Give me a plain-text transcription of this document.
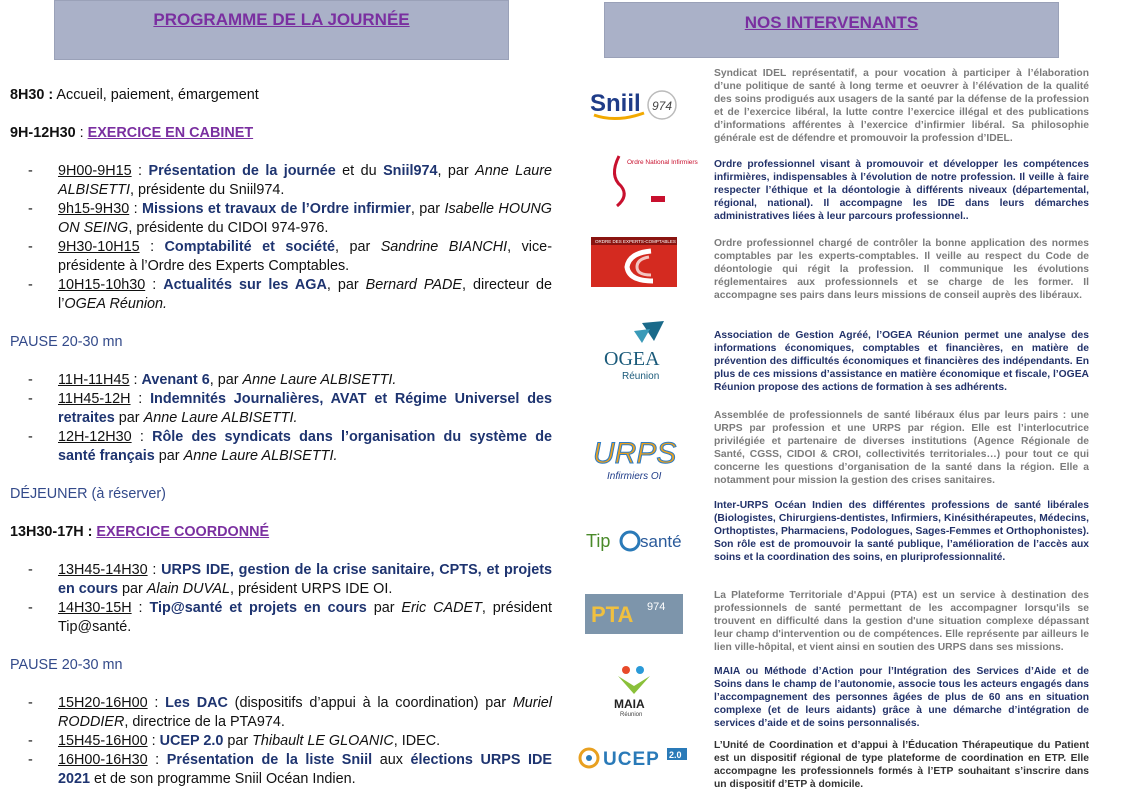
PROGRAMME DE LA JOURNÉE	NOS INTERVENANTS

8H30 : Accueil, paiement, émargement

9H-12H30 : EXERCICE EN CABINET

- 9H00-9H15 : Présentation de la journée et du Sniil974, par Anne Laure ALBISETTI, présidente du Sniil974.
- 9h15-9H30 : Missions et travaux de l’Ordre infirmier, par Isabelle HOUNG ON SEING, présidente du CIDOI 974-976.
- 9H30-10H15 : Comptabilité et société, par Sandrine BIANCHI, vice-présidente à l’Ordre des Experts Comptables.
- 10H15-10h30 : Actualités sur les AGA, par Bernard PADE, directeur de l’OGEA Réunion.

PAUSE 20-30 mn

- 11H-11H45 : Avenant 6, par Anne Laure ALBISETTI.
- 11H45-12H : Indemnités Journalières, AVAT et Régime Universel des retraites par Anne Laure ALBISETTI.
- 12H-12H30 : Rôle des syndicats dans l’organisation du système de santé français par Anne Laure ALBISETTI.

DÉJEUNER (à réserver)

13H30-17H : EXERCICE COORDONNÉ

- 13H45-14H30 : URPS IDE, gestion de la crise sanitaire, CPTS, et projets en cours par Alain DUVAL, président URPS IDE OI.
- 14H30-15H : Tip@santé et projets en cours par Eric CADET, président Tip@santé.

PAUSE 20-30 mn

- 15H20-16H00 : Les DAC (dispositifs d’appui à la coordination) par Muriel RODDIER, directrice de la PTA974.
- 15H45-16H00 : UCEP 2.0 par Thibault LE GLOANIC, IDEC.
- 16H00-16H30 : Présentation de la liste Sniil aux élections URPS IDE 2021 et de son programme Sniil Océan Indien.
Sniil 974

Syndicat IDEL représentatif, a pour vocation à participer à l’élaboration d’une politique de santé à long terme et oeuvrer à l’élévation de la qualité des soins prodigués aux usagers de la santé par la défense de la profession et de l’exercice libéral, la lutte contre l’exercice illégal et des publications d’informations afférentes à l’exercice d’infirmier libéral. Sa philosophie générale est de défendre et promouvoir la profession d’IDEL.

Ordre National Infirmiers Ordre professionnel visant à promouvoir et développer les compétences infirmières, indispensables à l’évolution de notre profession. Il veille à faire respecter l’éthique et la déontologie à différents niveaux (départemental, régional, national). Il accompagne les IDE dans leurs démarches administratives liées à leur parcours professionnel..

ORDRE DES EXPERTS-COMPTABLES	Ordre professionnel chargé de contrôler la bonne application des normes comptables par les experts-comptables. Il veille au respect du Code de déontologie qui régit la profession. Il communique les évolutions réglementaires aux professionnels et se charge de les former. Il accompagne ses pairs dans leurs missions de conseil auprès des libéraux.

OGEA
Réunion

Association de Gestion Agréé, l’OGEA Réunion permet une analyse des informations économiques, comptables et financières, en matière de prévention des difficultés économiques et financières des indépendants. En plus de ces missions d’assistance en matière économique et fiscale, l’OGEA Réunion propose des actions de formation à ses adhérents.

URPS
Infirmiers OI

Assemblée de professionnels de santé libéraux élus par leurs pairs : une URPS par profession et une URPS par région. Elle est l’interlocutrice privilégiée et partenaire de diverses institutions (Agence Régionale de Santé, CGSS, CIDOI & CROI, collectivités territoriales…) pour tout ce qui concerne les questions d’organisation de la santé dans la région. Elle a notamment pour mission la gestion des crises sanitaires.

Tip santé

Inter-URPS Océan Indien des différentes professions de santé libérales (Biologistes, Chirurgiens-dentistes, Infirmiers, Kinésithérapeutes, Médecins, Orthoptistes, Pharmaciens, Podologues, Sages-Femmes et Orthophonistes). Son rôle est de promouvoir la santé publique, l’amélioration de l’accès aux soins et la coordination des soins, en pluriprofessionnalité.

PTA 974

La Plateforme Territoriale d'Appui (PTA) est un service à destination des professionnels de santé permettant de les accompagner lorsqu'ils se trouvent en difficulté dans la gestion d'une situation complexe dépassant leur champ d'intervention ou de compétences. Elle représente par ailleurs le lien ville-hôpital, et vient ainsi en soutien des URPS dans ses missions.

MAIA
Réunion

MAIA ou Méthode d’Action pour l’Intégration des Services d’Aide et de Soins dans le champ de l’autonomie, associe tous les acteurs engagés dans l’accompagnement des personnes âgées de plus de 60 ans en situation complexe (et de leurs aidants) grâce à une démarche d’intégration de services d’aide et de soins personnalisés.

UCEP 2.0

L’Unité de Coordination et d’appui à l’Éducation Thérapeutique du Patient est un dispositif régional de type plateforme de coordination en ETP. Elle accompagne les professionnels formés à l’ETP souhaitant s’inscrire dans un dispositif d’ETP à domicile.
